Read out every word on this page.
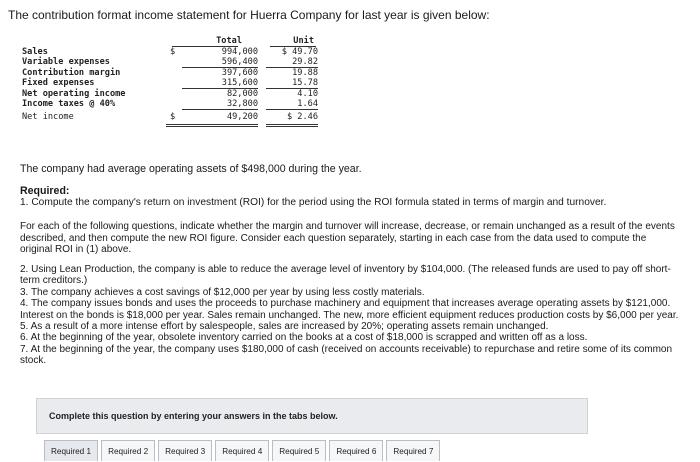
The contribution format income statement for Huerra Company for last year is given below:
Total	Unit
Sales	$	994,000	$ 49.70
Variable expenses	596,400	29.82
Contribution margin	397,600	19.88
Fixed expenses	315,600	15.78
Net operating income	82,000	4.10
Income taxes @ 40%	32,800	1.64
Net income	$	49,200	$ 2.46
The company had average operating assets of $498,000 during the year.
Required:
1. Compute the company's return on investment (ROI) for the period using the ROI formula stated in terms of margin and turnover.
For each of the following questions, indicate whether the margin and turnover will increase, decrease, or remain unchanged as a result of the events described, and then compute the new ROI figure. Consider each question separately, starting in each case from the data used to compute the original ROI in (1) above.
2. Using Lean Production, the company is able to reduce the average level of inventory by $104,000. (The released funds are used to pay off short-term creditors.)
3. The company achieves a cost savings of $12,000 per year by using less costly materials.
4. The company issues bonds and uses the proceeds to purchase machinery and equipment that increases average operating assets by $121,000. Interest on the bonds is $18,000 per year. Sales remain unchanged. The new, more efficient equipment reduces production costs by $6,000 per year.
5. As a result of a more intense effort by salespeople, sales are increased by 20%; operating assets remain unchanged.
6. At the beginning of the year, obsolete inventory carried on the books at a cost of $18,000 is scrapped and written off as a loss.
7. At the beginning of the year, the company uses $180,000 of cash (received on accounts receivable) to repurchase and retire some of its common stock.
Complete this question by entering your answers in the tabs below.
Required 1	Required 2	Required 3	Required 4	Required 5	Required 6	Required 7
